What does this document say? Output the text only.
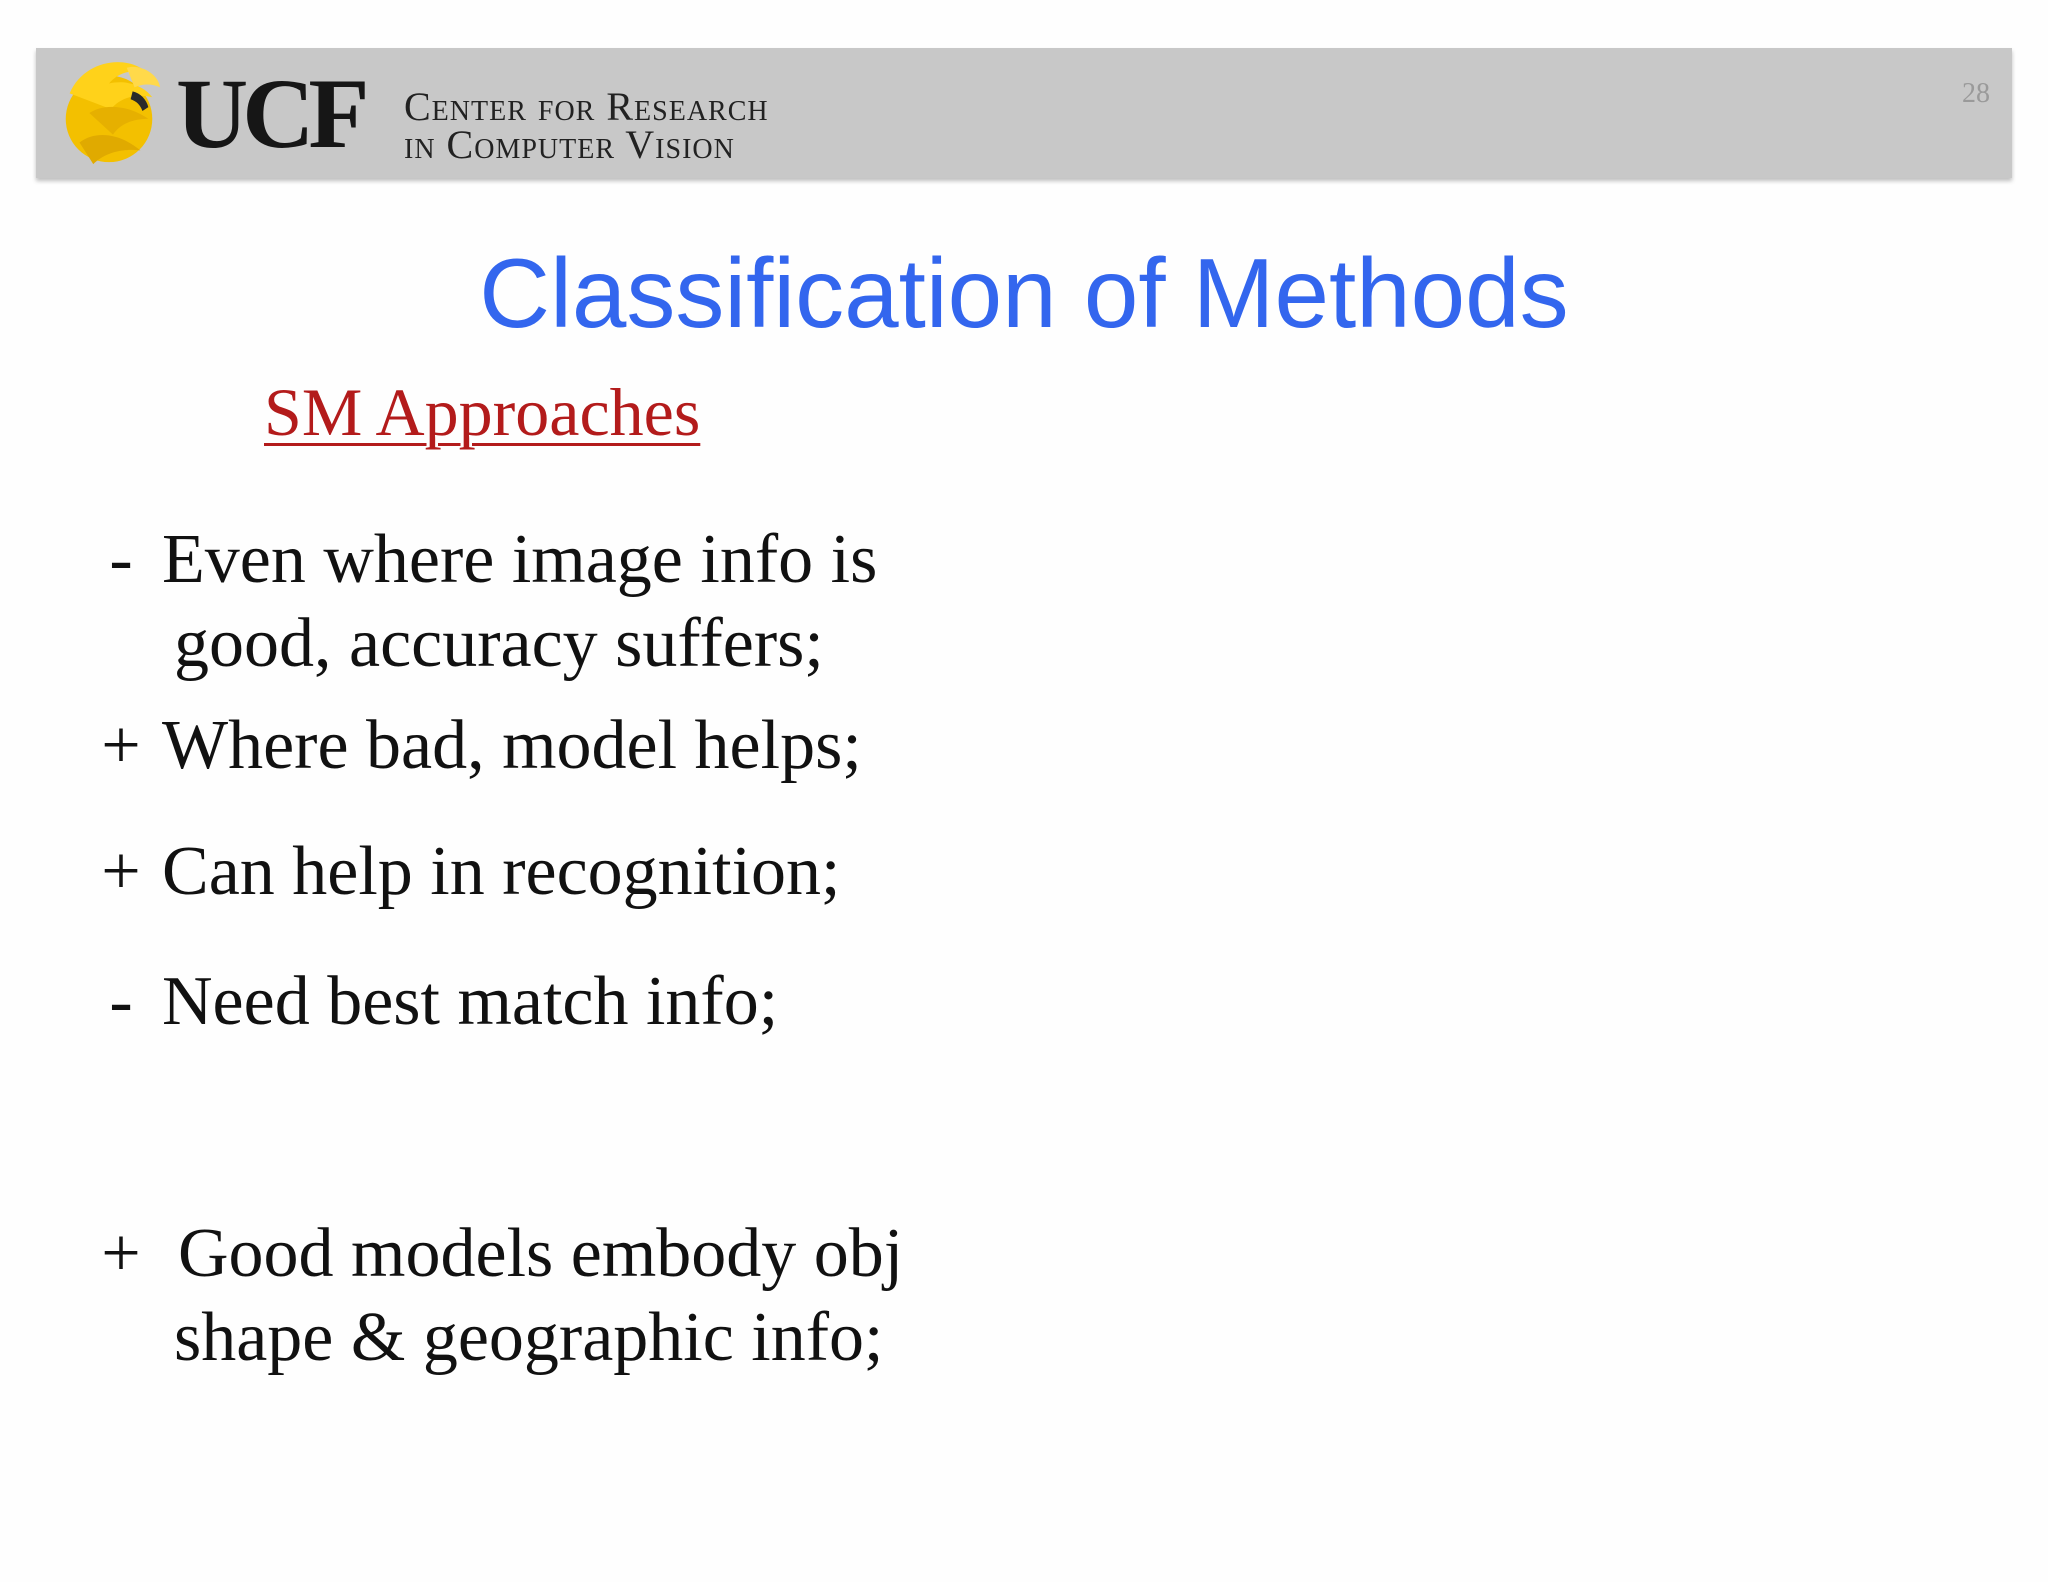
UCF Center for Research
in Computer Vision
28
Classification of Methods
SM Approaches
- Even where image info is
good, accuracy suffers;
+ Where bad, model helps;
+ Can help in recognition;
- Need best match info;
+ Good models embody obj
shape & geographic info;
